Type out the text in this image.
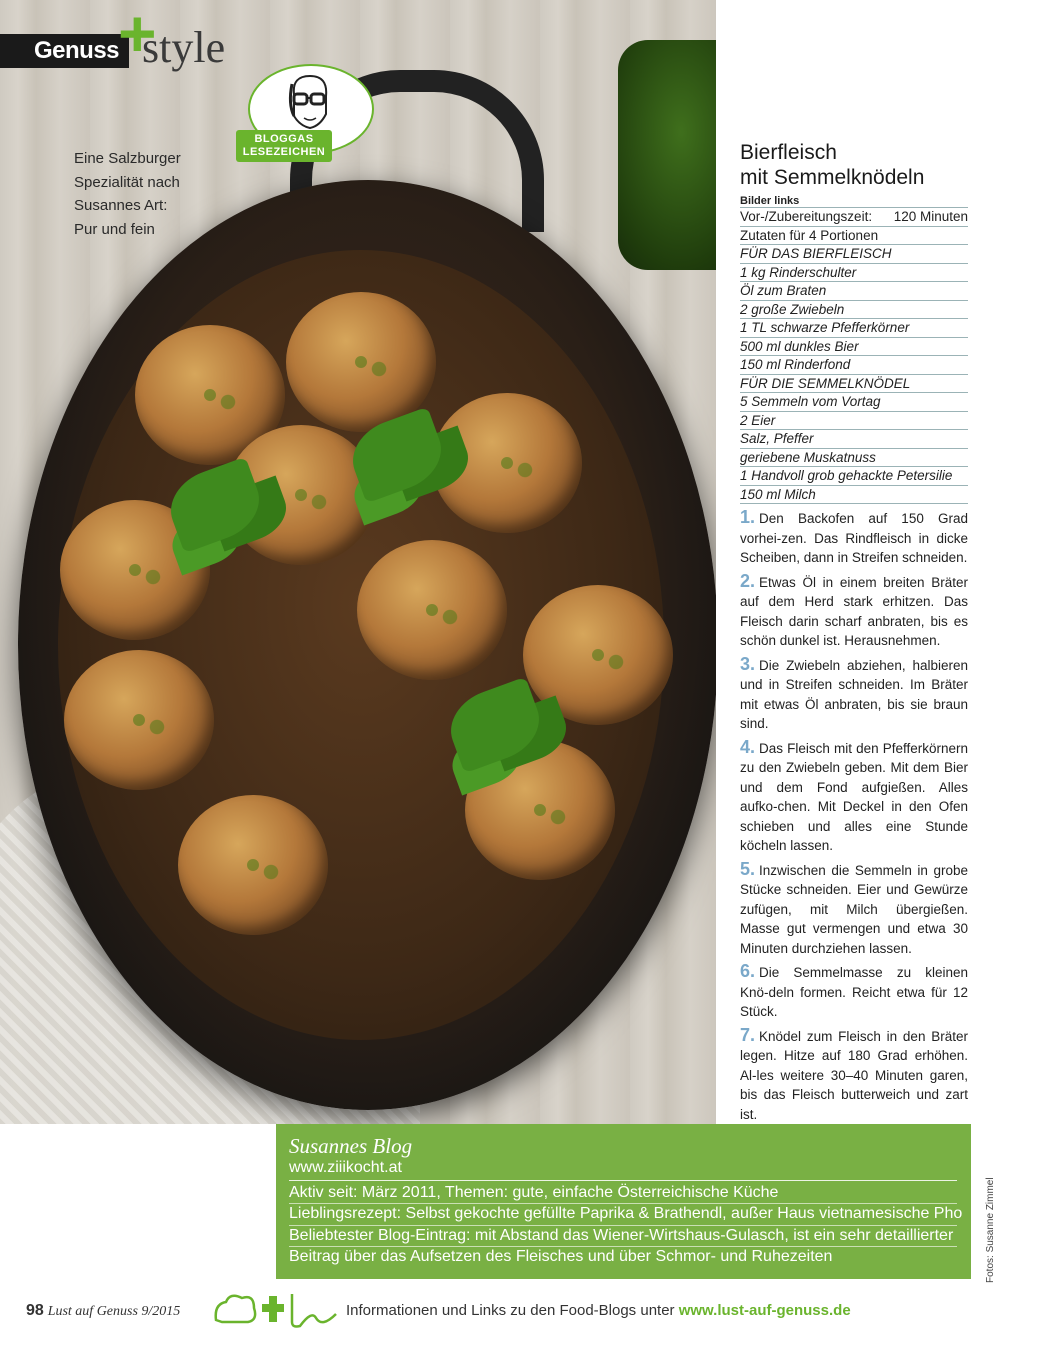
Genuss
+
style
BLOGGAS LESEZEICHEN
Eine Salzburger
Spezialität nach
Susannes Art:
Pur und fein
Bierfleisch
mit Semmelknödeln
Bilder links
Vor-/Zubereitungszeit: 120 Minuten
Zutaten für 4 Portionen
FÜR DAS BIERFLEISCH
1 kg Rinderschulter
Öl zum Braten
2 große Zwiebeln
1 TL schwarze Pfefferkörner
500 ml dunkles Bier
150 ml Rinderfond
FÜR DIE SEMMELKNÖDEL
5 Semmeln vom Vortag
2 Eier
Salz, Pfeffer
geriebene Muskatnuss
1 Handvoll grob gehackte Petersilie
150 ml Milch
1. Den Backofen auf 150 Grad vorhei-zen. Das Rindfleisch in dicke Scheiben, dann in Streifen schneiden.
2. Etwas Öl in einem breiten Bräter auf dem Herd stark erhitzen. Das Fleisch darin scharf anbraten, bis es schön dunkel ist. Herausnehmen.
3. Die Zwiebeln abziehen, halbieren und in Streifen schneiden. Im Bräter mit etwas Öl anbraten, bis sie braun sind.
4. Das Fleisch mit den Pfefferkörnern zu den Zwiebeln geben. Mit dem Bier und dem Fond aufgießen. Alles aufko-chen. Mit Deckel in den Ofen schieben und alles eine Stunde köcheln lassen.
5. Inzwischen die Semmeln in grobe Stücke schneiden. Eier und Gewürze zufügen, mit Milch übergießen. Masse gut vermengen und etwa 30 Minuten durchziehen lassen.
6. Die Semmelmasse zu kleinen Knö-deln formen. Reicht etwa für 12 Stück.
7. Knödel zum Fleisch in den Bräter legen. Hitze auf 180 Grad erhöhen. Al-les weitere 30–40 Minuten garen, bis das Fleisch butterweich und zart ist.
Susannes Blog
www.ziiikocht.at
Aktiv seit: März 2011, Themen: gute, einfache Österreichische Küche
Lieblingsrezept: Selbst gekochte gefüllte Paprika & Brathendl, außer Haus vietnamesische Pho
Beliebtester Blog-Eintrag: mit Abstand das Wiener-Wirtshaus-Gulasch, ist ein sehr detaillierter
Beitrag über das Aufsetzen des Fleisches und über Schmor- und Ruhezeiten	Fotos: Susanne Zimmel
98 Lust auf Genuss 9/2015	Informationen und Links zu den Food-Blogs unter www.lust-auf-genuss.de
